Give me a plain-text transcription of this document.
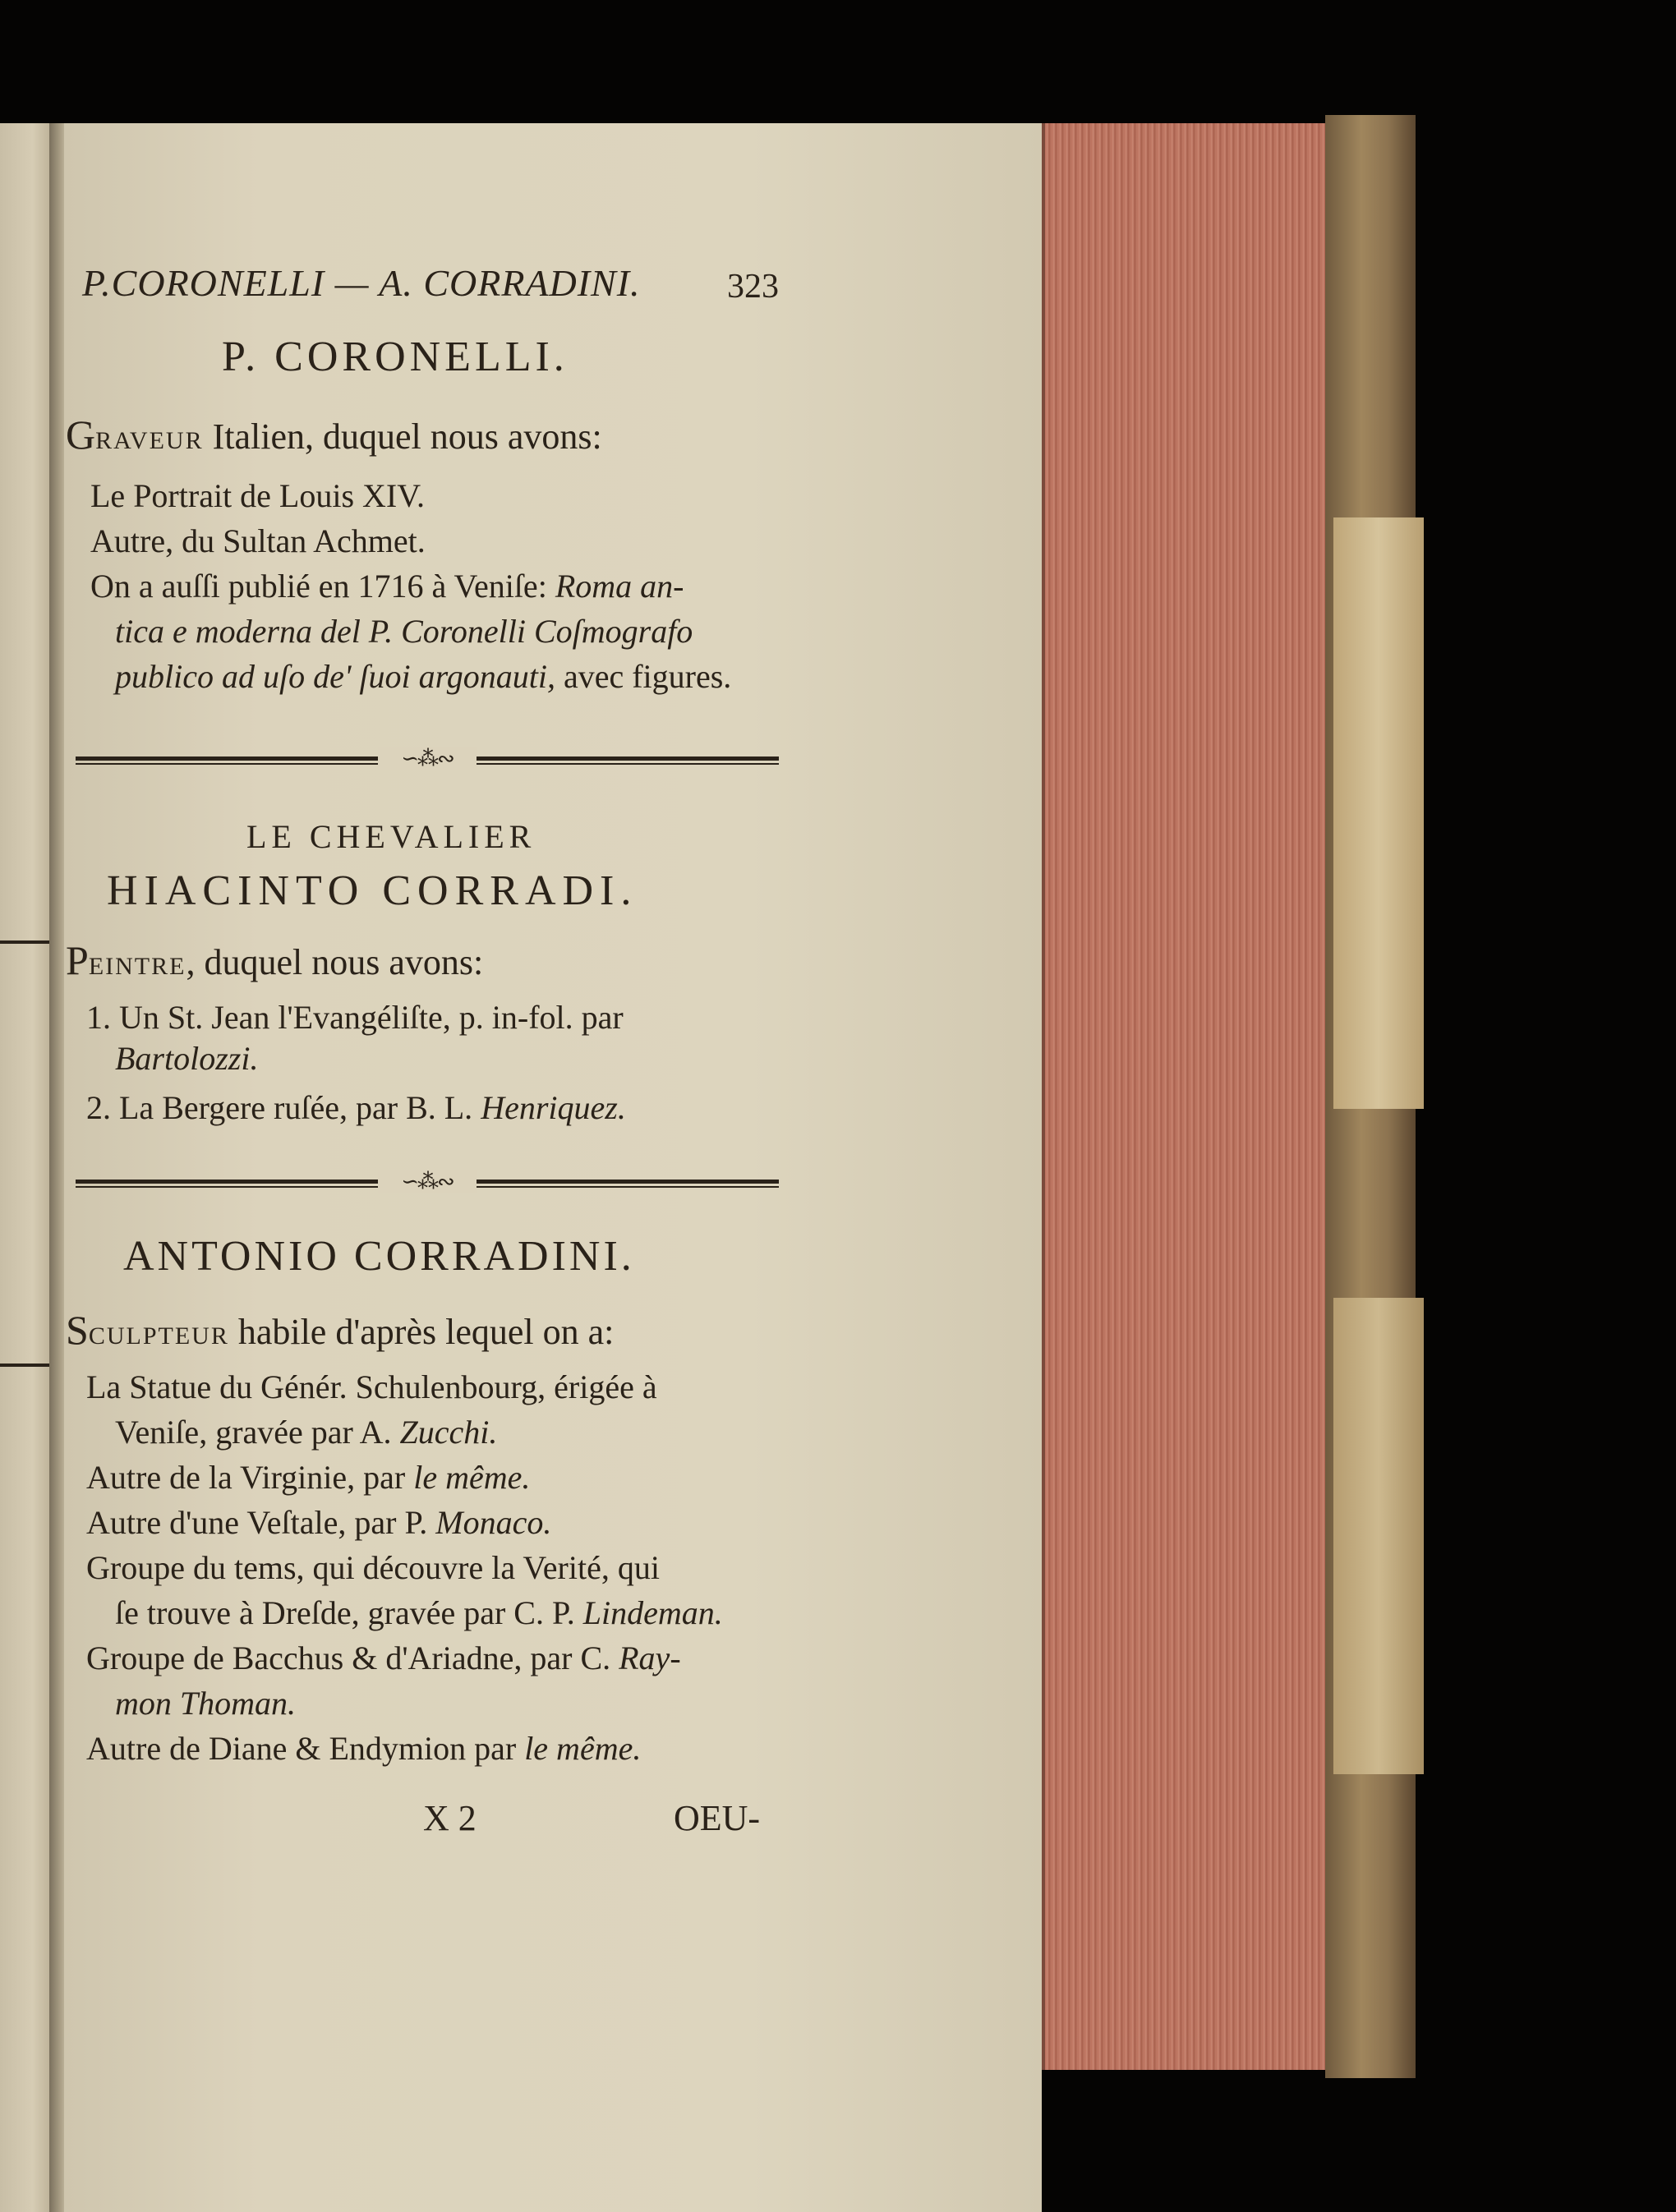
P.CORONELLI — A. CORRADINI.	323
P. CORONELLI.
GRAVEUR Italien, duquel nous avons:
Le Portrait de Louis XIV.
Autre, du Sultan Achmet.
On a auſſi publié en 1716 à Veniſe: Roma an-
tica e moderna del P. Coronelli Coſmografo
publico ad uſo de' ſuoi argonauti, avec figures.
∽⁂∾
LE CHEVALIER
HIACINTO CORRADI.
PEINTRE, duquel nous avons:
1. Un St. Jean l'Evangéliſte, p. in-fol. par
Bartolozzi.
2. La Bergere ruſée, par B. L. Henriquez.
∽⁂∾
ANTONIO CORRADINI.
SCULPTEUR habile d'après lequel on a:
La Statue du Génér. Schulenbourg, érigée à
Veniſe, gravée par A. Zucchi.
Autre de la Virginie, par le même.
Autre d'une Veſtale, par P. Monaco.
Groupe du tems, qui découvre la Verité, qui
ſe trouve à Dreſde, gravée par C. P. Lindeman.
Groupe de Bacchus & d'Ariadne, par C. Ray-
mon Thoman.
Autre de Diane & Endymion par le même.
X 2	OEU-
